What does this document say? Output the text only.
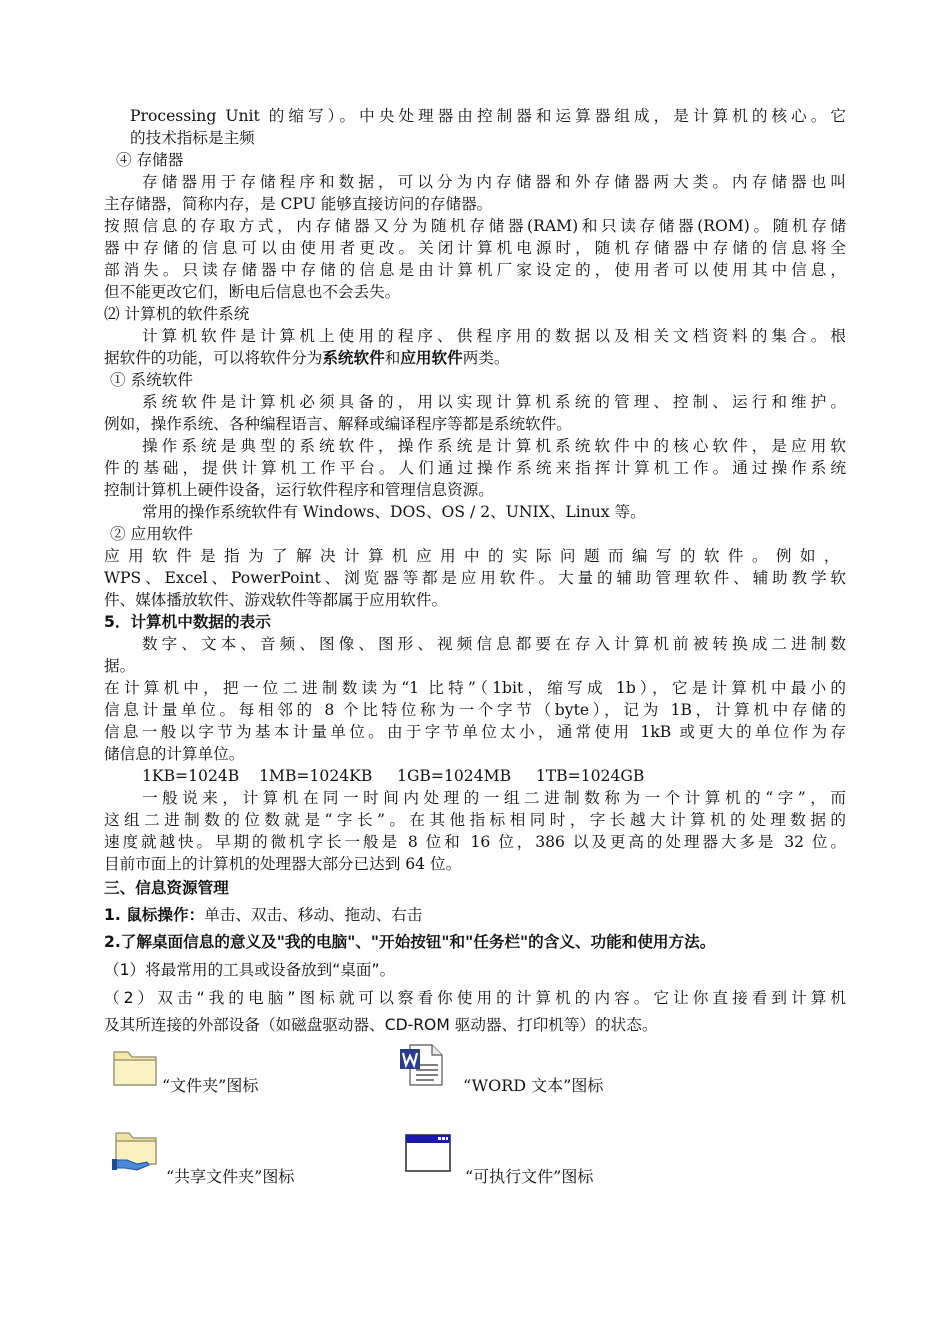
Processing Unit 的缩写）。中央处理器由控制器和运算器组成，是计算机的核心。它
的技术指标是主频
④ 存储器
存储器用于存储程序和数据，可以分为内存储器和外存储器两大类。内存储器也叫
主存储器，简称内存，是 CPU 能够直接访问的存储器。
按照信息的存取方式，内存储器又分为随机存储器(RAM)和只读存储器(ROM)。随机存储
器中存储的信息可以由使用者更改。关闭计算机电源时，随机存储器中存储的信息将全
部消失。只读存储器中存储的信息是由计算机厂家设定的，使用者可以使用其中信息，
但不能更改它们，断电后信息也不会丢失。
⑵ 计算机的软件系统
计算机软件是计算机上使用的程序、供程序用的数据以及相关文档资料的集合。根
据软件的功能，可以将软件分为系统软件和应用软件两类。
① 系统软件
系统软件是计算机必须具备的，用以实现计算机系统的管理、控制、运行和维护。
例如，操作系统、各种编程语言、解释或编译程序等都是系统软件。
操作系统是典型的系统软件，操作系统是计算机系统软件中的核心软件，是应用软
件的基础，提供计算机工作平台。人们通过操作系统来指挥计算机工作。通过操作系统
控制计算机上硬件设备，运行软件程序和管理信息资源。
常用的操作系统软件有 Windows、DOS、OS / 2、UNIX、Linux 等。
② 应用软件
应用软件是指为了解决计算机应用中的实际问题而编写的软件。例如，
WPS、Excel、PowerPoint、浏览器等都是应用软件。大量的辅助管理软件、辅助教学软
件、媒体播放软件、游戏软件等都属于应用软件。
5．计算机中数据的表示
数字、文本、音频、图像、图形、视频信息都要在存入计算机前被转换成二进制数
据。
在计算机中，把一位二进制数读为“1 比特”（1bit，缩写成 1b），它是计算机中最小的
信息计量单位。每相邻的 8 个比特位称为一个字节（byte），记为 1B，计算机中存储的
信息一般以字节为基本计量单位。由于字节单位太小，通常使用 1kB 或更大的单位作为存
储信息的计算单位。
1KB=1024B    1MB=1024KB     1GB=1024MB     1TB=1024GB
一般说来，计算机在同一时间内处理的一组二进制数称为一个计算机的“字”，而
这组二进制数的位数就是“字长”。在其他指标相同时，字长越大计算机的处理数据的
速度就越快。早期的微机字长一般是 8 位和 16 位，386 以及更高的处理器大多是 32 位。
目前市面上的计算机的处理器大部分已达到 64 位。
三、信息资源管理
1. 鼠标操作：单击、双击、移动、拖动、右击
2.了解桌面信息的意义及"我的电脑"、"开始按钮"和"任务栏"的含义、功能和使用方法。
（1）将最常用的工具或设备放到“桌面”。
（2）双击“我的电脑”图标就可以察看你使用的计算机的内容。它让你直接看到计算机
及其所连接的外部设备（如磁盘驱动器、CD-ROM 驱动器、打印机等）的状态。
“文件夹”图标	“WORD 文本”图标
“共享文件夹”图标	“可执行文件”图标
